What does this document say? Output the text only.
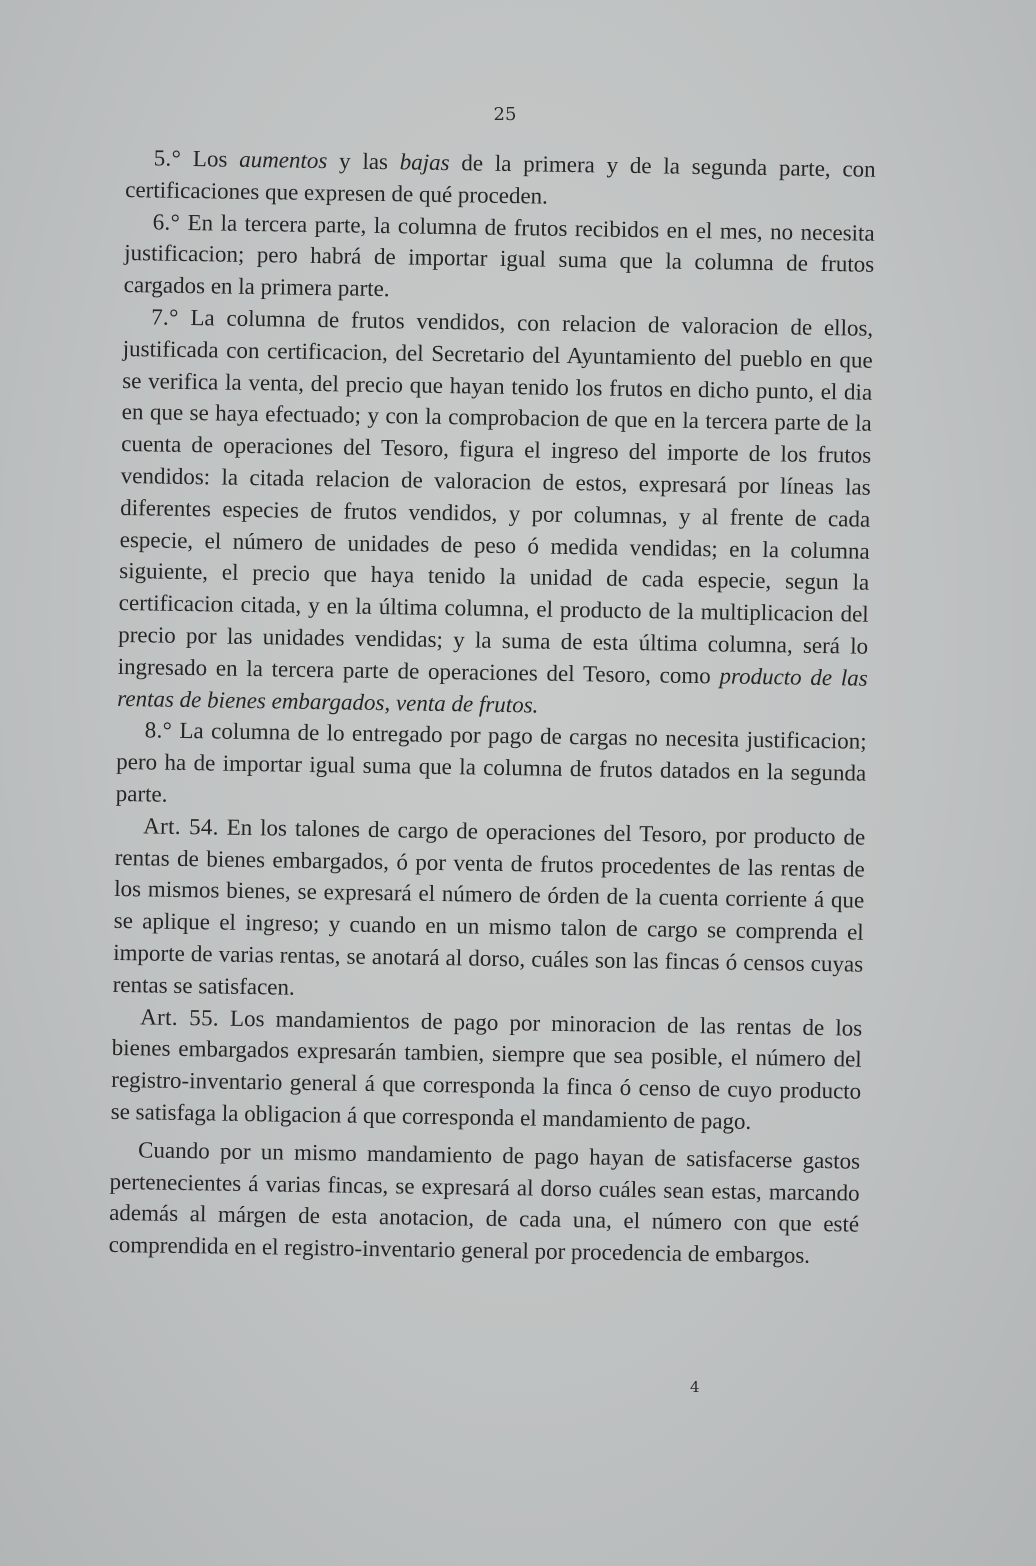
25

5.° Los aumentos y las bajas de la primera y de la segunda parte, con certificaciones que expresen de qué proceden.

6.° En la tercera parte, la columna de frutos recibidos en el mes, no necesita justificacion; pero habrá de importar igual suma que la columna de frutos cargados en la primera parte.

7.° La columna de frutos vendidos, con relacion de valoracion de ellos, justificada con certificacion, del Secretario del Ayuntamiento del pueblo en que se verifica la venta, del precio que hayan tenido los frutos en dicho punto, el dia en que se haya efectuado; y con la comprobacion de que en la tercera parte de la cuenta de operaciones del Tesoro, figura el ingreso del importe de los frutos vendidos: la citada relacion de valoracion de estos, expresará por líneas las diferentes especies de frutos vendidos, y por columnas, y al frente de cada especie, el número de unidades de peso ó medida vendidas; en la columna siguiente, el precio que haya tenido la unidad de cada especie, segun la certificacion citada, y en la última columna, el producto de la multiplicacion del precio por las unidades vendidas; y la suma de esta última columna, será lo ingresado en la tercera parte de operaciones del Tesoro, como producto de las rentas de bienes embargados, venta de frutos.

8.° La columna de lo entregado por pago de cargas no necesita justificacion; pero ha de importar igual suma que la columna de frutos datados en la segunda parte.

Art. 54. En los talones de cargo de operaciones del Tesoro, por producto de rentas de bienes embargados, ó por venta de frutos procedentes de las rentas de los mismos bienes, se expresará el número de órden de la cuenta corriente á que se aplique el ingreso; y cuando en un mismo talon de cargo se comprenda el importe de varias rentas, se anotará al dorso, cuáles son las fincas ó censos cuyas rentas se satisfacen.

Art. 55. Los mandamientos de pago por minoracion de las rentas de los bienes embargados expresarán tambien, siempre que sea posible, el número del registro-inventario general á que corresponda la finca ó censo de cuyo producto se satisfaga la obligacion á que corresponda el mandamiento de pago.

Cuando por un mismo mandamiento de pago hayan de satisfacerse gastos pertenecientes á varias fincas, se expresará al dorso cuáles sean estas, marcando además al márgen de esta anotacion, de cada una, el número con que esté comprendida en el registro-inventario general por procedencia de embargos.

4
